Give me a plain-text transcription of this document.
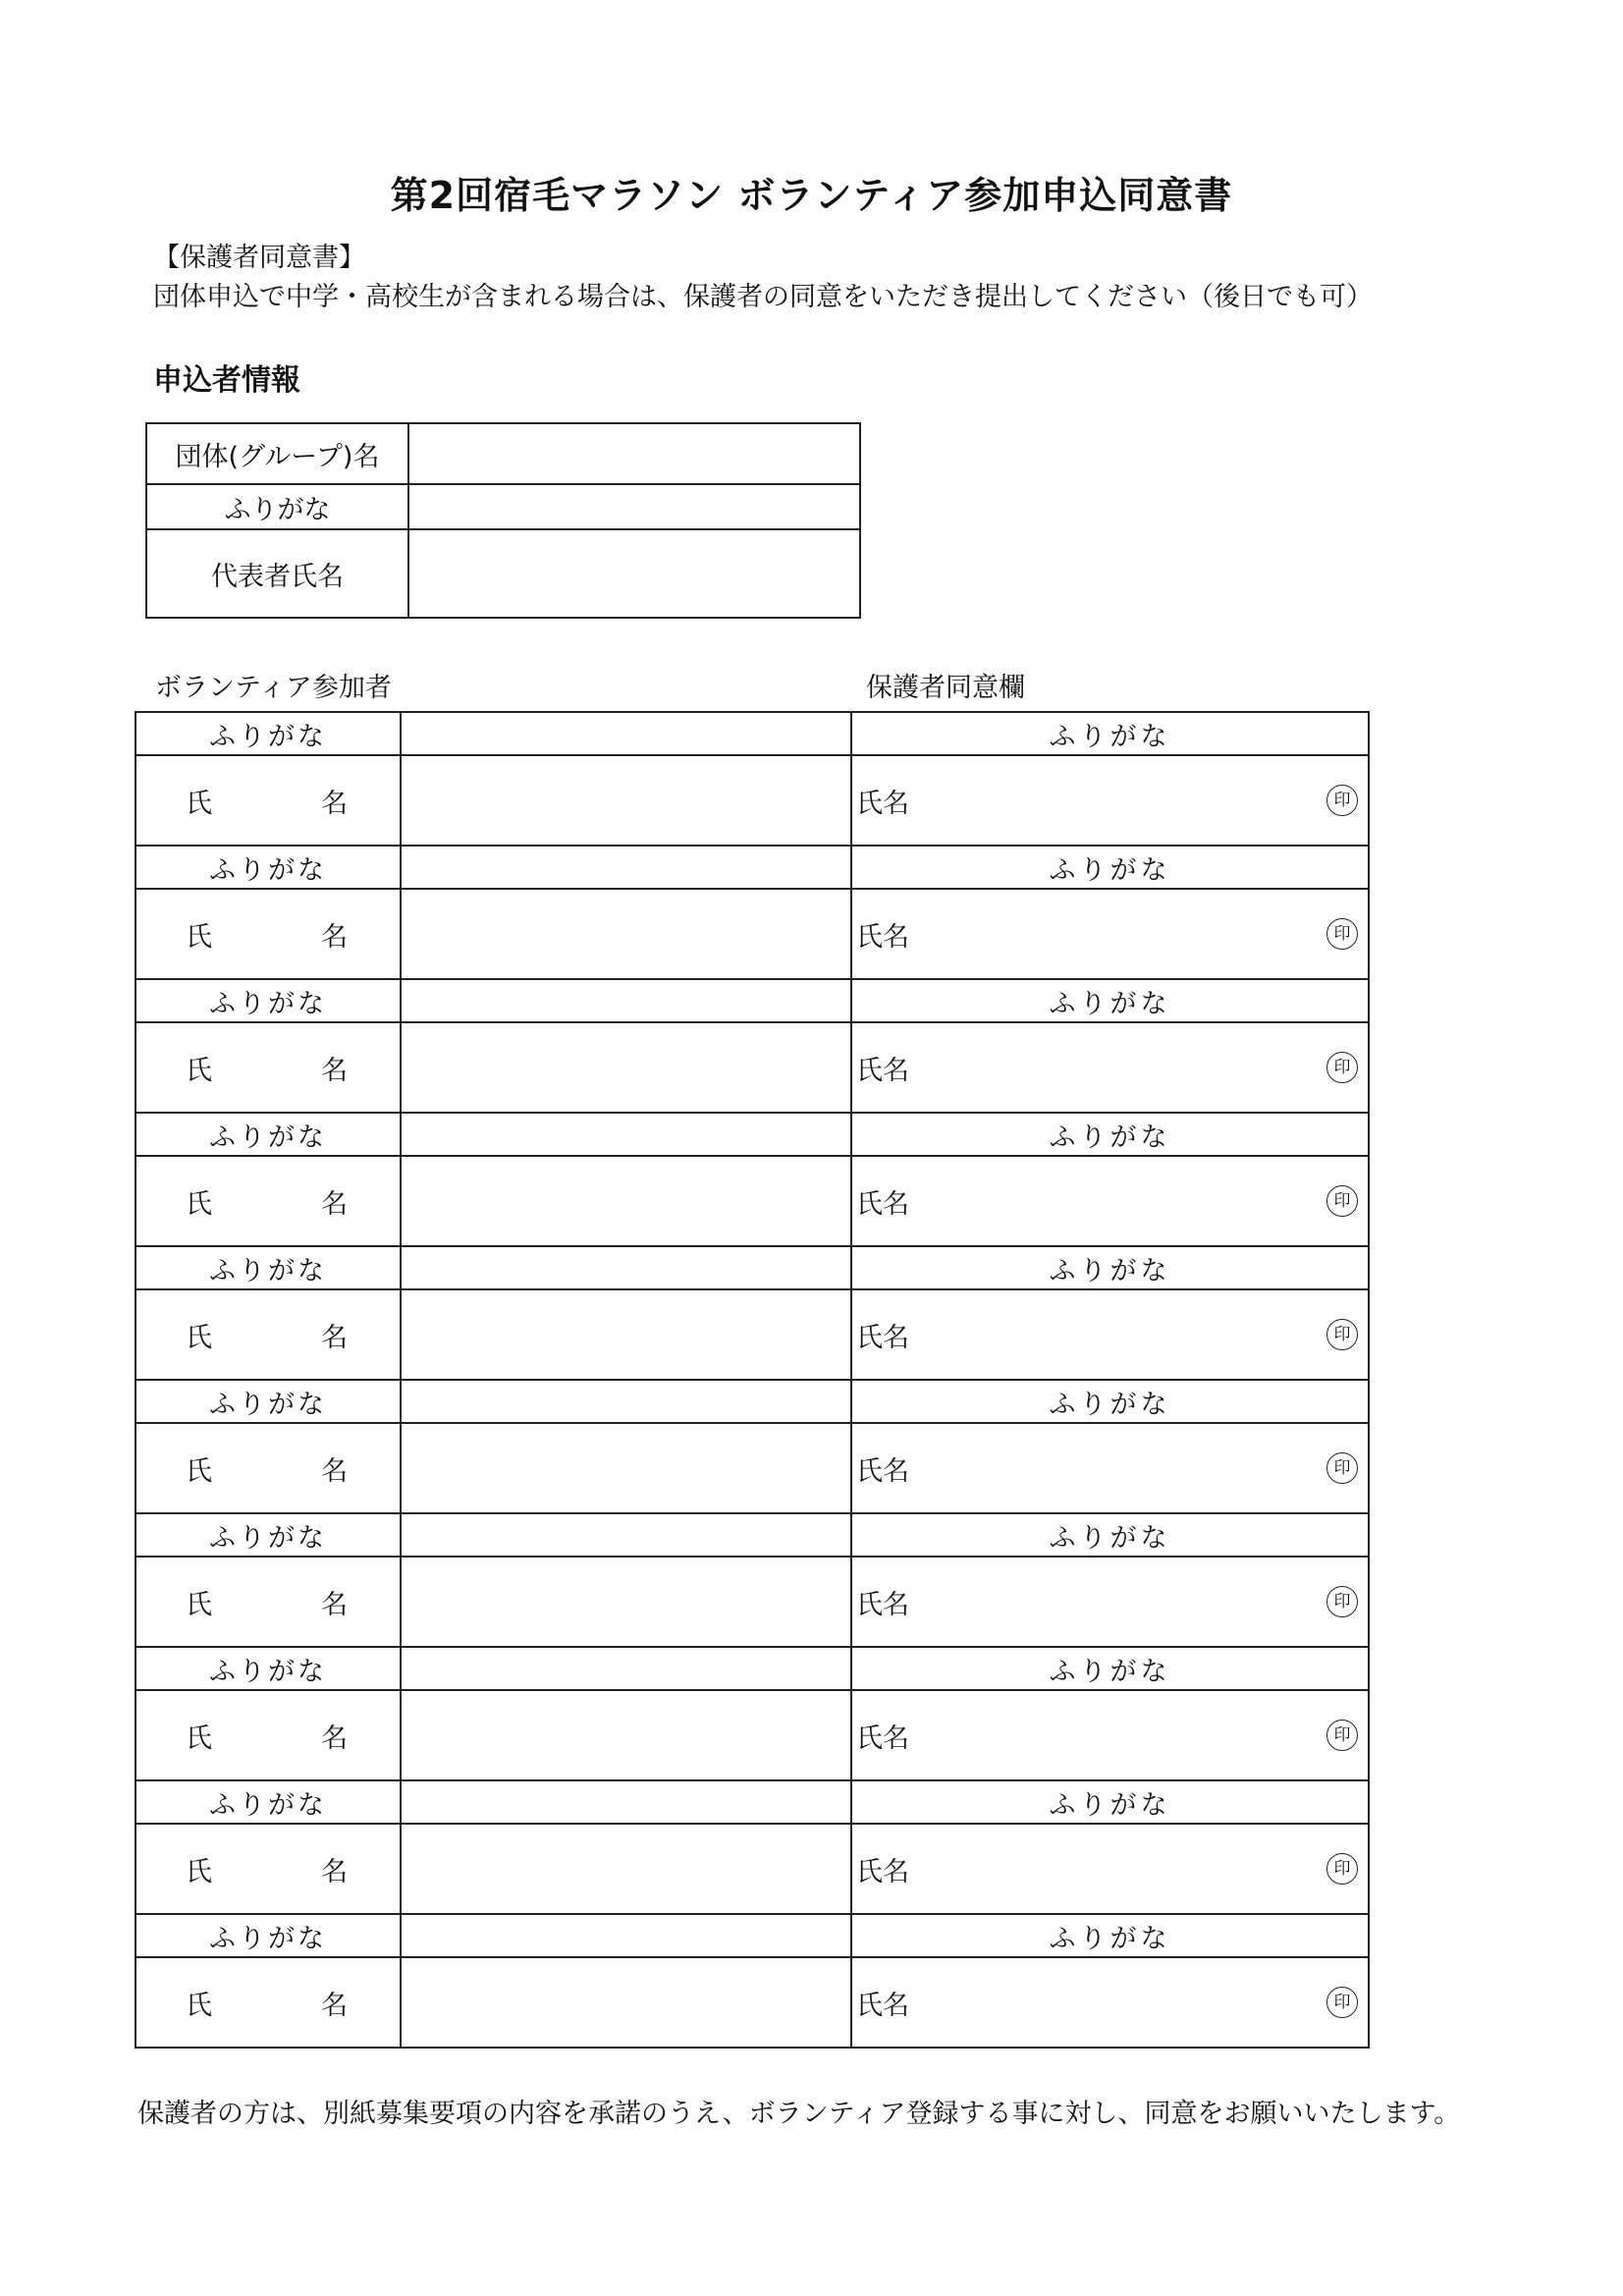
第2回宿毛マラソン ボランティア参加申込同意書
【保護者同意書】
団体申込で中学・高校生が含まれる場合は、保護者の同意をいただき提出してください（後日でも可）
申込者情報
団体(グループ)名	
ふりがな	
代表者氏名	
ボランティア参加者	保護者同意欄
ふりがな		ふりがな

氏 名		氏名 印

ふりがな		ふりがな

氏 名		氏名 印

ふりがな		ふりがな

氏 名		氏名 印

ふりがな		ふりがな

氏 名		氏名 印

ふりがな		ふりがな

氏 名		氏名 印

ふりがな		ふりがな

氏 名		氏名 印

ふりがな		ふりがな

氏 名		氏名 印

ふりがな		ふりがな

氏 名		氏名 印

ふりがな		ふりがな

氏 名		氏名 印

ふりがな		ふりがな

氏 名		氏名 印
保護者の方は、別紙募集要項の内容を承諾のうえ、ボランティア登録する事に対し、同意をお願いいたします。
